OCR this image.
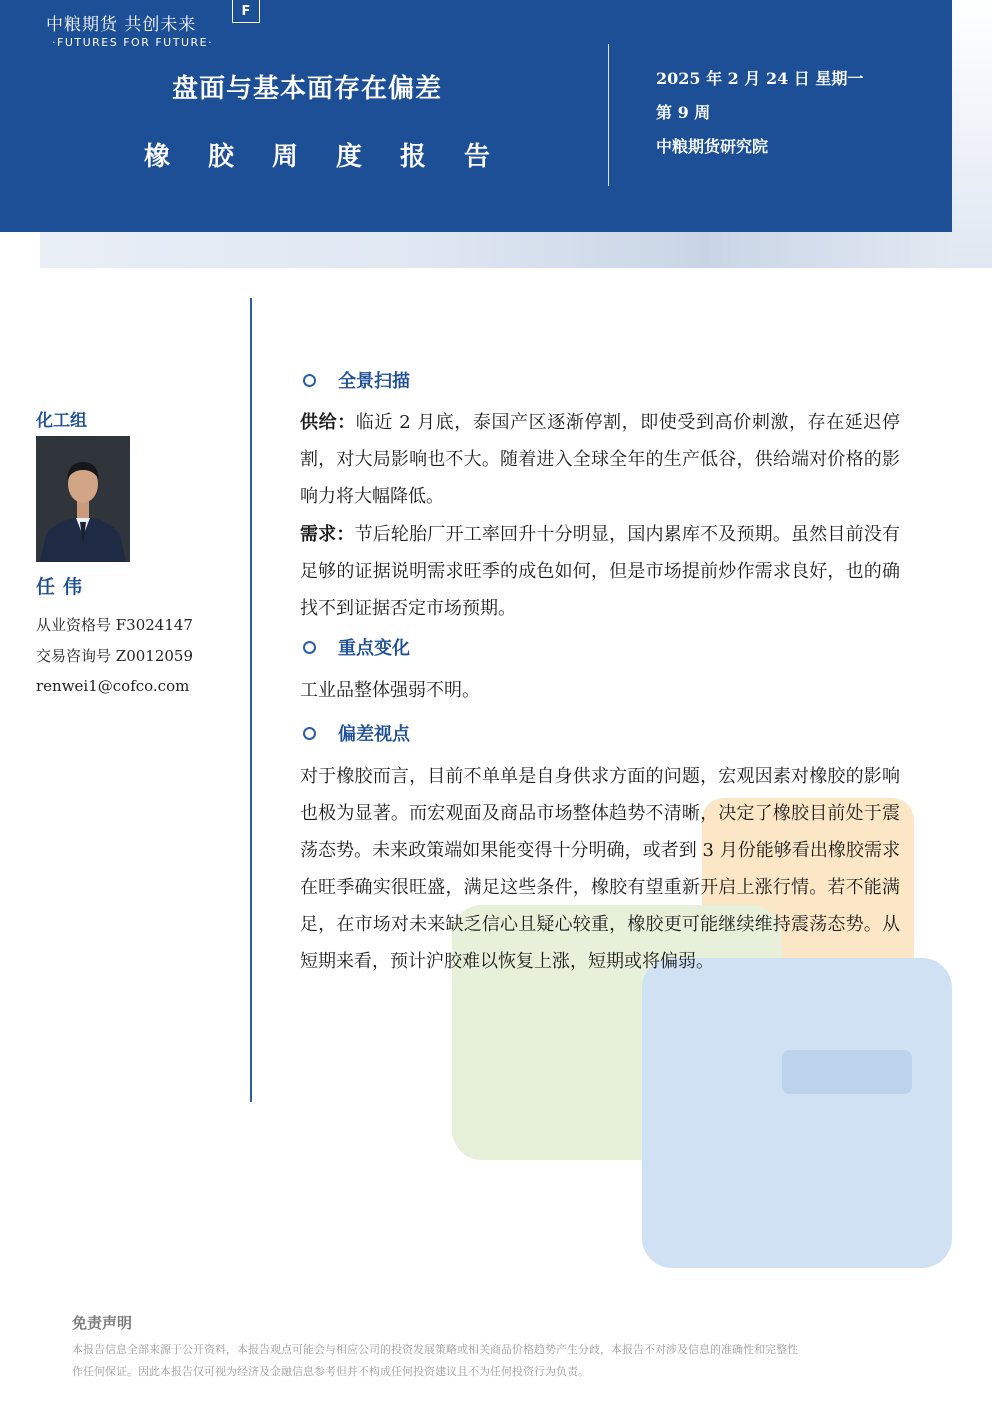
中粮期货 共创未来
·FUTURES FOR FUTURE·
F
盘面与基本面存在偏差
橡胶周度报告
2025 年 2 月 24 日 星期一
第 9 周
中粮期货研究院
化工组
任伟
从业资格号 F3024147
交易咨询号 Z0012059
renwei1@cofco.com
全景扫描
供给：临近 2 月底，泰国产区逐渐停割，即使受到高价刺激，存在延迟停割，对大局影响也不大。随着进入全球全年的生产低谷，供给端对价格的影响力将大幅降低。
需求：节后轮胎厂开工率回升十分明显，国内累库不及预期。虽然目前没有足够的证据说明需求旺季的成色如何，但是市场提前炒作需求良好，也的确找不到证据否定市场预期。
重点变化
工业品整体强弱不明。
偏差视点
对于橡胶而言，目前不单单是自身供求方面的问题，宏观因素对橡胶的影响也极为显著。而宏观面及商品市场整体趋势不清晰，决定了橡胶目前处于震荡态势。未来政策端如果能变得十分明确，或者到 3 月份能够看出橡胶需求在旺季确实很旺盛，满足这些条件，橡胶有望重新开启上涨行情。若不能满足，在市场对未来缺乏信心且疑心较重，橡胶更可能继续维持震荡态势。从短期来看，预计沪胶难以恢复上涨，短期或将偏弱。
免责声明
本报告信息全部来源于公开资料，本报告观点可能会与相应公司的投资发展策略或相关商品价格趋势产生分歧，本报告不对涉及信息的准确性和完整性
作任何保证。因此本报告仅可视为经济及金融信息参考但并不构成任何投资建议且不为任何投资行为负责。
